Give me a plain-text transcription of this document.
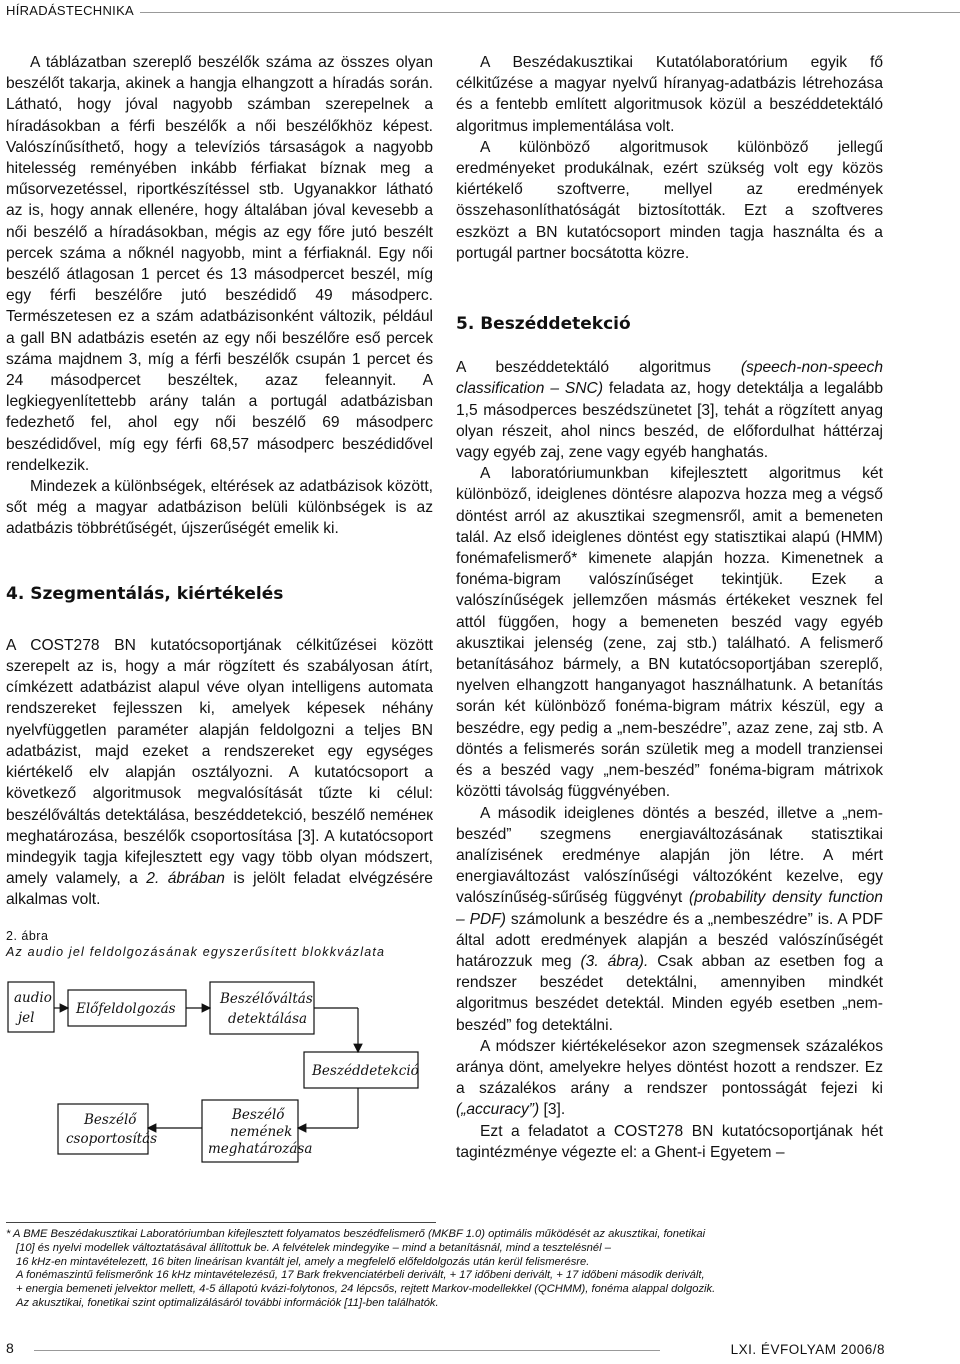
HÍRADÁSTECHNIKA

A táblázatban szereplő beszélők száma az összes olyan beszélőt takarja, akinek a hangja elhangzott a híradás során. Látható, hogy jóval nagyobb számban szerepelnek a híradásokban a férfi beszélők a női beszélőkhöz képest. Valószínűsíthető, hogy a televíziós társaságok a nagyobb hitelesség reményében inkább férfiakat bíznak meg a műsorvezetéssel, riportkészítéssel stb. Ugyanakkor látható az is, hogy annak ellenére, hogy általában jóval kevesebb a női beszélő a híradásokban, mégis az egy főre jutó beszélt percek száma a nőknél nagyobb, mint a férfiaknál. Egy női beszélő átlagosan 1 percet és 13 másodpercet beszél, míg egy férfi beszélőre jutó beszédidő 49 másodperc. Természetesen ez a szám adatbázisonként változik, például a gall BN adatbázis esetén az egy női beszélőre eső percek száma majdnem 3, míg a férfi beszélők csupán 1 percet és 24 másodpercet beszéltek, azaz feleannyit. A legkiegyenlítettebb arány talán a portugál adatbázisban fedezhető fel, ahol egy női beszélő 69 másodperc beszédidővel, míg egy férfi 68,57 másodperc beszédidővel rendelkezik.

Mindezek a különbségek, eltérések az adatbázisok között, sőt még a magyar adatbázison belüli különbségek is az adatbázis többrétűségét, újszerűségét emelik ki.

4. Szegmentálás, kiértékelés

A COST278 BN kutatócsoportjának célkitűzései között szerepelt az is, hogy a már rögzített és szabályosan átírt, címkézett adatbázist alapul véve olyan intelligens automata rendszereket fejlesszen ki, amelyek képesek néhány nyelvfüggetlen paraméter alapján feldolgozni a teljes BN adatbázist, majd ezeket a rendszereket egy egységes kiértékelő elv alapján osztályozni. A kutatócsoport a következő algoritmusok megvalósítását tűzte ki célul: beszélőváltás detektálása, beszéddetekció, beszélő neméнек meghatározása, beszélők csoportosítása [3]. A kutatócsoport mindegyik tagja kifejlesztett egy vagy több olyan módszert, amely valamely, a 2. ábrában is jelölt feladat elvégzésére alkalmas volt.

2. ábra
Az audio jel feldolgozásának egyszerűsített blokkvázlata
audio
jel
Előfeldolgozás
Beszélőváltás
detektálása
Beszéddetekció
Beszélő
nemének
meghatározása
Beszélő
csoportosítás

A Beszédakusztikai Kutatólaboratórium egyik fő célkitűzése a magyar nyelvű híranyag-adatbázis létrehozása és a fentebb említett algoritmusok közül a beszéddetektáló algoritmus implementálása volt.

A különböző algoritmusok különböző jellegű eredményeket produkálnak, ezért szükség volt egy közös kiértékelő szoftverre, mellyel az eredmények összehasonlíthatóságát biztosították. Ezt a szoftveres eszközt a BN kutatócsoport minden tagja használta és a portugál partner bocsátotta közre.

5. Beszéddetekció

A beszéddetektáló algoritmus (speech-non-speech classification – SNC) feladata az, hogy detektálja a legalább 1,5 másodperces beszédszünetet [3], tehát a rögzített anyag olyan részeit, ahol nincs beszéd, de előfordulhat háttérzaj vagy egyéb zaj, zene vagy egyéb hanghatás.

A laboratóriumunkban kifejlesztett algoritmus két különböző, ideiglenes döntésre alapozva hozza meg a végső döntést arról az akusztikai szegmensről, amit a bemeneten talál. Az első ideiglenes döntést egy statisztikai alapú (HMM) fonémafelismerő* kimenete alapján hozza. Kimenetnek a fonéma-bigram valószínűséget tekintjük. Ezek a valószínűségek jellemzően másmás értékeket vesznek fel attól függően, hogy a bemeneten beszéd vagy egyéb akusztikai jelenség (zene, zaj stb.) található. A felismerő betanításához bármely, a BN kutatócsoportjában szereplő, nyelven elhangzott hanganyagot használhatunk. A betanítás során két különböző fonéma-bigram mátrix készül, egy a beszédre, egy pedig a „nem-beszédre”, azaz zene, zaj stb. A döntés a felismerés során születik meg a modell tranziensei és a beszéd vagy „nem-beszéd” fonéma-bigram mátrixok közötti távolság függvényében.

A második ideiglenes döntés a beszéd, illetve a „nem-beszéd” szegmens energiaváltozásának statisztikai analízisének eredménye alapján jön létre. A mért energiaváltozást valószínűségi változóként kezelve, egy valószínűség-sűrűség függvényt (probability density function – PDF) számolunk a beszédre és a „nembeszédre” is. A PDF által adott eredmények alapján a beszéd valószínűségét határozzuk meg (3. ábra). Csak abban az esetben fog a rendszer beszédet detektálni, amennyiben mindkét algoritmus beszédet detektál. Minden egyéb esetben „nem-beszéd” fog detektálni.

A módszer kiértékelésekor azon szegmensek százalékos aránya dönt, amelyekre helyes döntést hozott a rendszer. Ez a százalékos arány a rendszer pontosságát fejezi ki („accuracy”) [3].

Ezt a feladatot a COST278 BN kutatócsoportjának hét tagintézménye végezte el: a Ghent-i Egyetem –

* A BME Beszédakusztikai Laboratóriumban kifejlesztett folyamatos beszédfelismerő (MKBF 1.0) optimális működését az akusztikai, fonetikai
[10] és nyelvi modellek változtatásával állítottuk be. A felvételek mindegyike – mind a betanításnál, mind a tesztelésnél –
16 kHz-en mintavételezett, 16 biten lineárisan kvantált jel, amely a megfelelő előfeldolgozás után kerül felismerésre.
A fonémaszintű felismerőnk 16 kHz mintavételezésű, 17 Bark frekvenciatérbeli derivált, + 17 időbeni derivált, + 17 időbeni második derivált,
+ energia bemeneti jelvektor mellett, 4-5 állapotú kvázi-folytonos, 24 lépcsős, rejtett Markov-modellekkel (QCHMM), fonéma alappal dolgozik.
Az akusztikai, fonetikai szint optimalizálásáról további információk [11]-ben találhatók.
8	LXI. ÉVFOLYAM 2006/8
